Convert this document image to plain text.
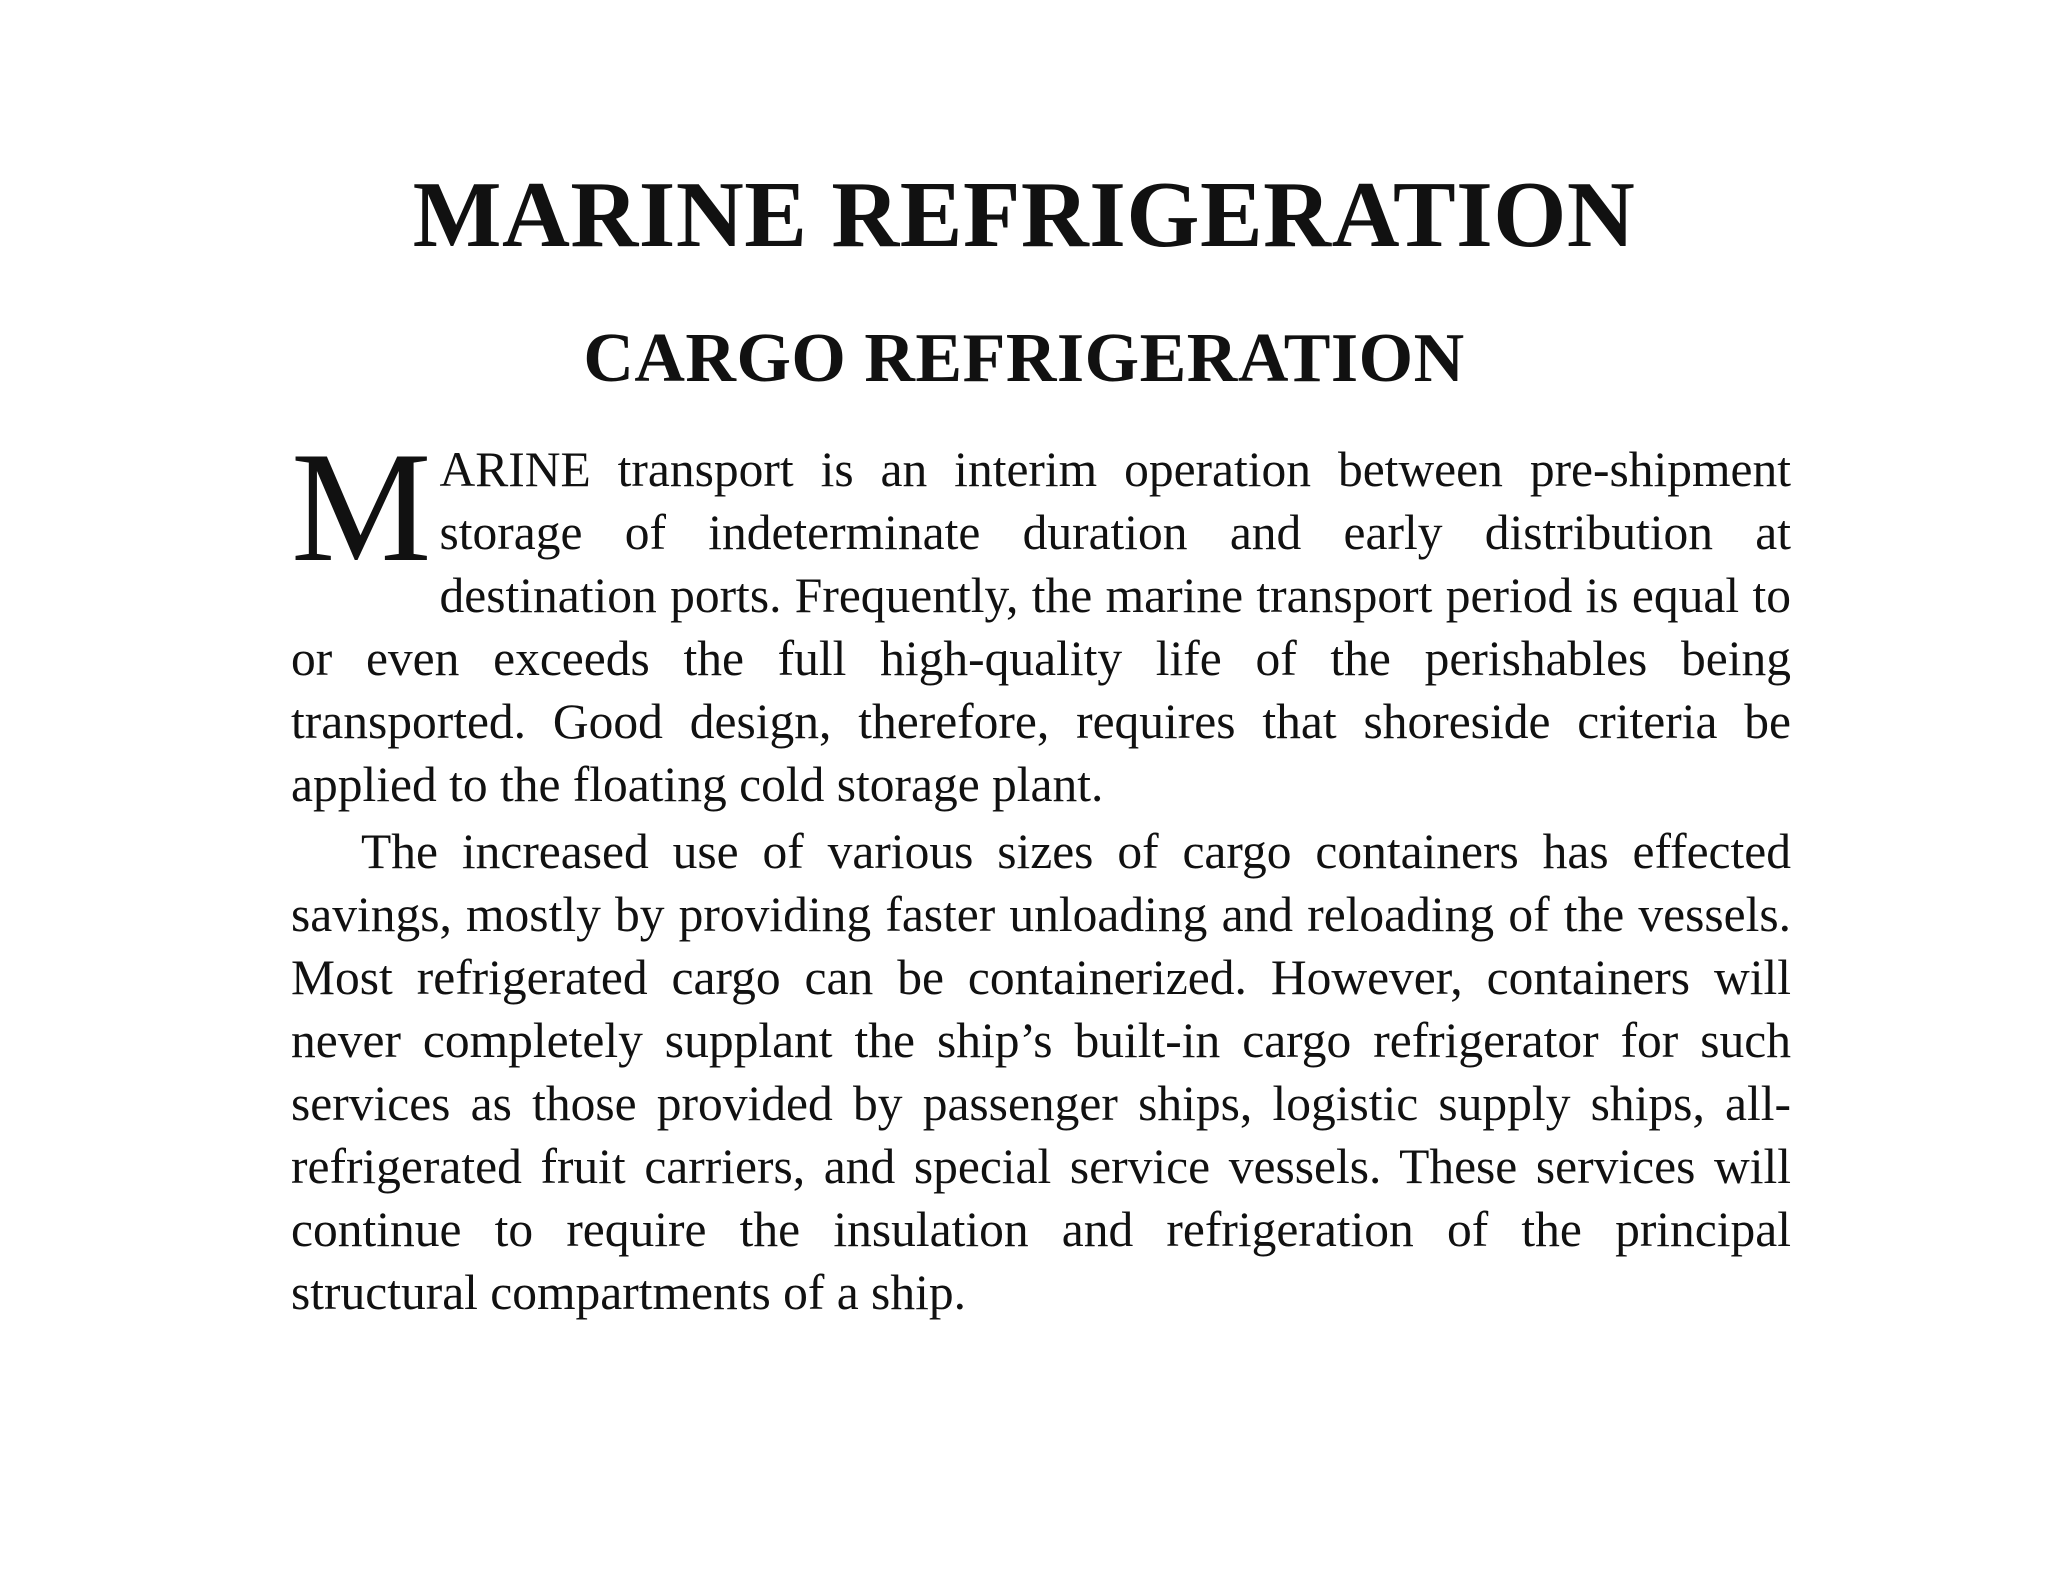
MARINE REFRIGERATION
CARGO REFRIGERATION

MARINE transport is an interim operation between pre-shipment storage of indeterminate duration and early distribution at destination ports. Frequently, the marine transport period is equal to or even exceeds the full high-quality life of the perishables being transported. Good design, therefore, requires that shoreside criteria be applied to the floating cold storage plant.

The increased use of various sizes of cargo containers has effected savings, mostly by providing faster unloading and reloading of the vessels. Most refrigerated cargo can be containerized. However, containers will never completely supplant the ship’s built-in cargo refrigerator for such services as those provided by passenger ships, logistic supply ships, all-refrigerated fruit carriers, and special service vessels. These services will continue to require the insulation and refrigeration of the principal structural compartments of a ship.
